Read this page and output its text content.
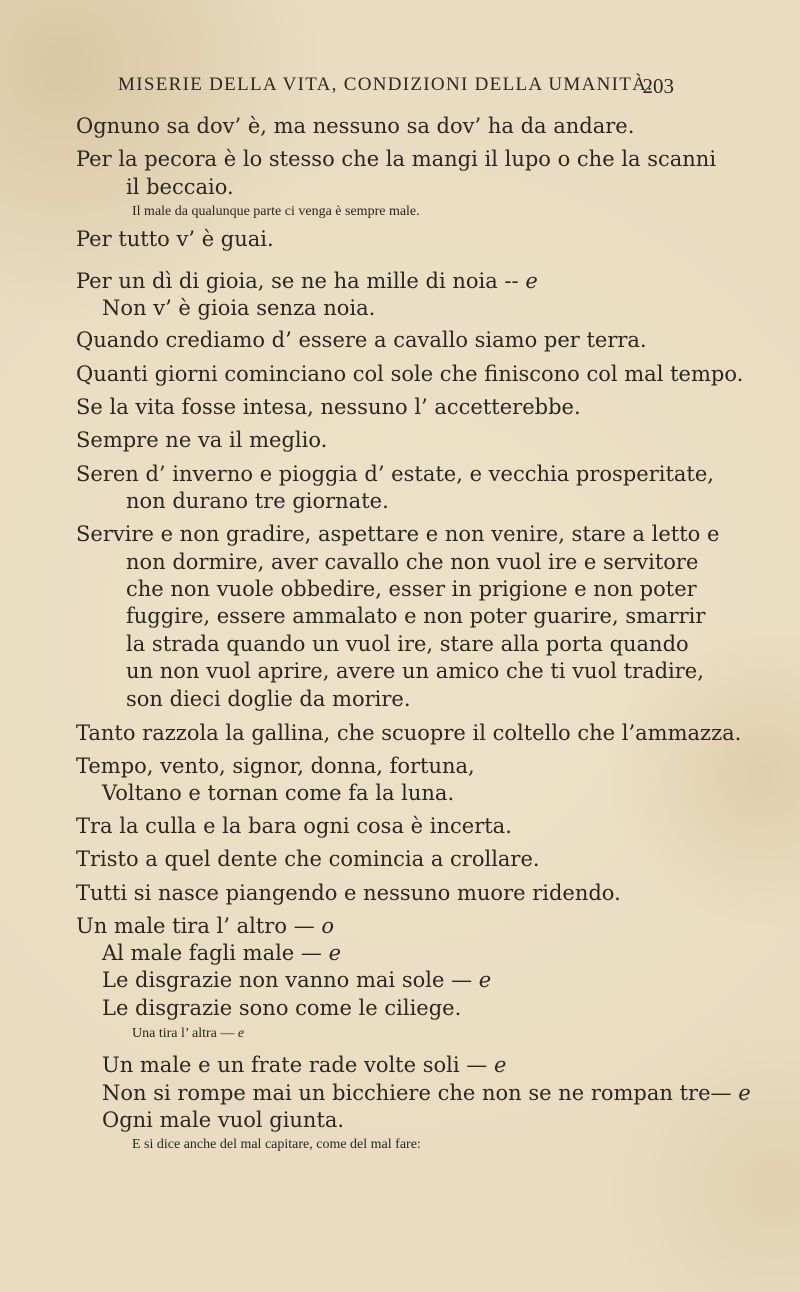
MISERIE DELLA VITA, CONDIZIONI DELLA UMANITÀ.
203
Ognuno sa dov’ è, ma nessuno sa dov’ ha da andare.
Per la pecora è lo stesso che la mangi il lupo o che la scanni
il beccaio.
Il male da qualunque parte ci venga è sempre male.
Per tutto v’ è guai.
Per un dì di gioia, se ne ha mille di noia -- e
Non v’ è gioia senza noia.
Quando crediamo d’ essere a cavallo siamo per terra.
Quanti giorni cominciano col sole che finiscono col mal tempo.
Se la vita fosse intesa, nessuno l’ accetterebbe.
Sempre ne va il meglio.
Seren d’ inverno e pioggia d’ estate, e vecchia prosperitate,
non durano tre giornate.
Servire e non gradire, aspettare e non venire, stare a letto e
non dormire, aver cavallo che non vuol ire e servitore
che non vuole obbedire, esser in prigione e non poter
fuggire, essere ammalato e non poter guarire, smarrir
la strada quando un vuol ire, stare alla porta quando
un non vuol aprire, avere un amico che ti vuol tradire,
son dieci doglie da morire.
Tanto razzola la gallina, che scuopre il coltello che l’ammazza.
Tempo, vento, signor, donna, fortuna,
Voltano e tornan come fa la luna.
Tra la culla e la bara ogni cosa è incerta.
Tristo a quel dente che comincia a crollare.
Tutti si nasce piangendo e nessuno muore ridendo.
Un male tira l’ altro — o
Al male fagli male — e
Le disgrazie non vanno mai sole — e
Le disgrazie sono come le ciliege.
Una tira l’ altra — e
Un male e un frate rade volte soli — e
Non si rompe mai un bicchiere che non se ne rompan tre— e
Ogni male vuol giunta.
E si dice anche del mal capitare, come del mal fare:
